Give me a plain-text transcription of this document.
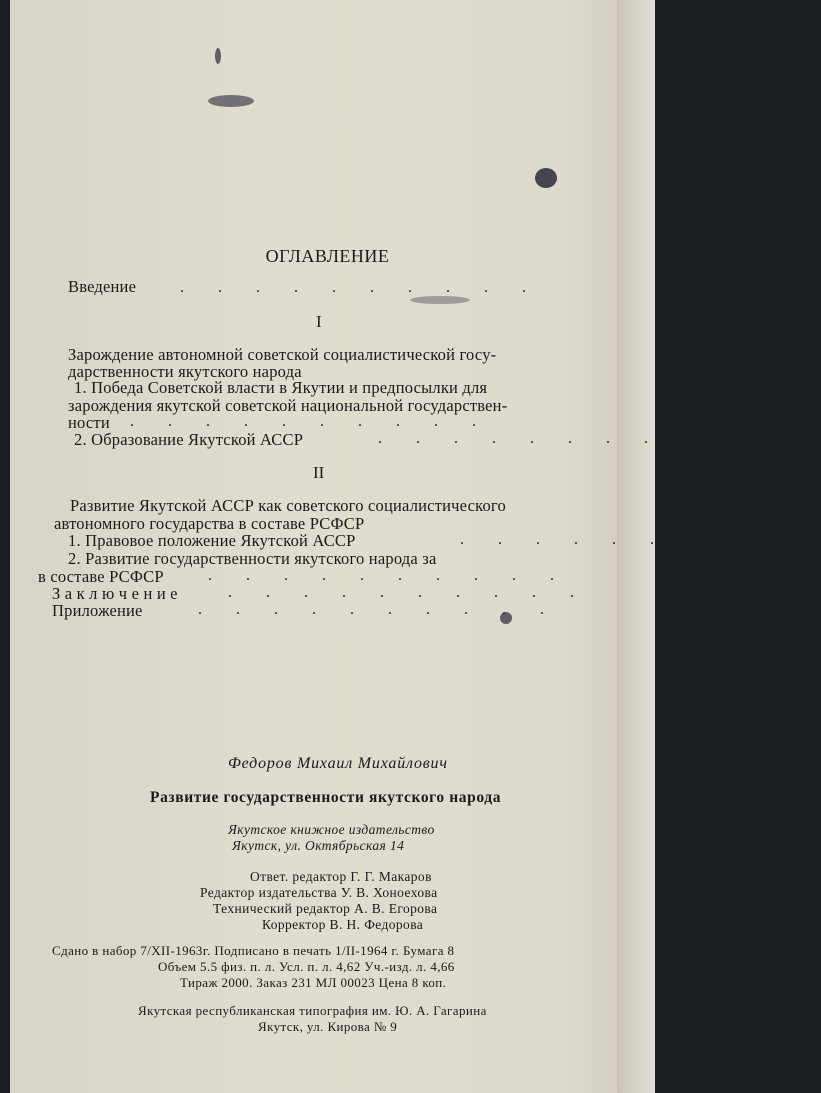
ОГЛАВЛЕНИЕ
Введение	. . . . . . . . . .
I
Зарождение автономной советской социалистической госу-
дарственности якутского народа
1. Победа Советской власти в Якутии и предпосылки для
зарождения якутской советской национальной государствен-
ности . . . . . . . . . .
2. Образование Якутской АССР	. . . . . . . . . .
II
Развитие Якутской АССР как советского социалистического
автономного государства в составе РСФСР
1. Правовое положение Якутской АССР	. . . . . . . . . .
2. Развитие государственности якутского народа за
в составе РСФСР	. . . . . . . . . .
З а к л ю ч е н и е	. . . . . . . . . .
Приложение	. . . . . . . . . .
Федоров Михаил Михайлович
Развитие государственности якутского народа
Якутское книжное издательство
Якутск, ул. Октябрьская 14
Ответ. редактор Г. Г. Макаров
Редактор издательства У. В. Хоноехова
Технический редактор А. В. Егорова
Корректор В. Н. Федорова
Сдано в набор 7/XII-1963г. Подписано в печать 1/II-1964 г. Бумага 8
Объем 5.5 физ. п. л. Усл. п. л. 4,62 Уч.-изд. л. 4,66
Тираж 2000. Заказ 231 МЛ 00023 Цена 8 коп.
Якутская республиканская типография им. Ю. А. Гагарина
Якутск, ул. Кирова № 9
